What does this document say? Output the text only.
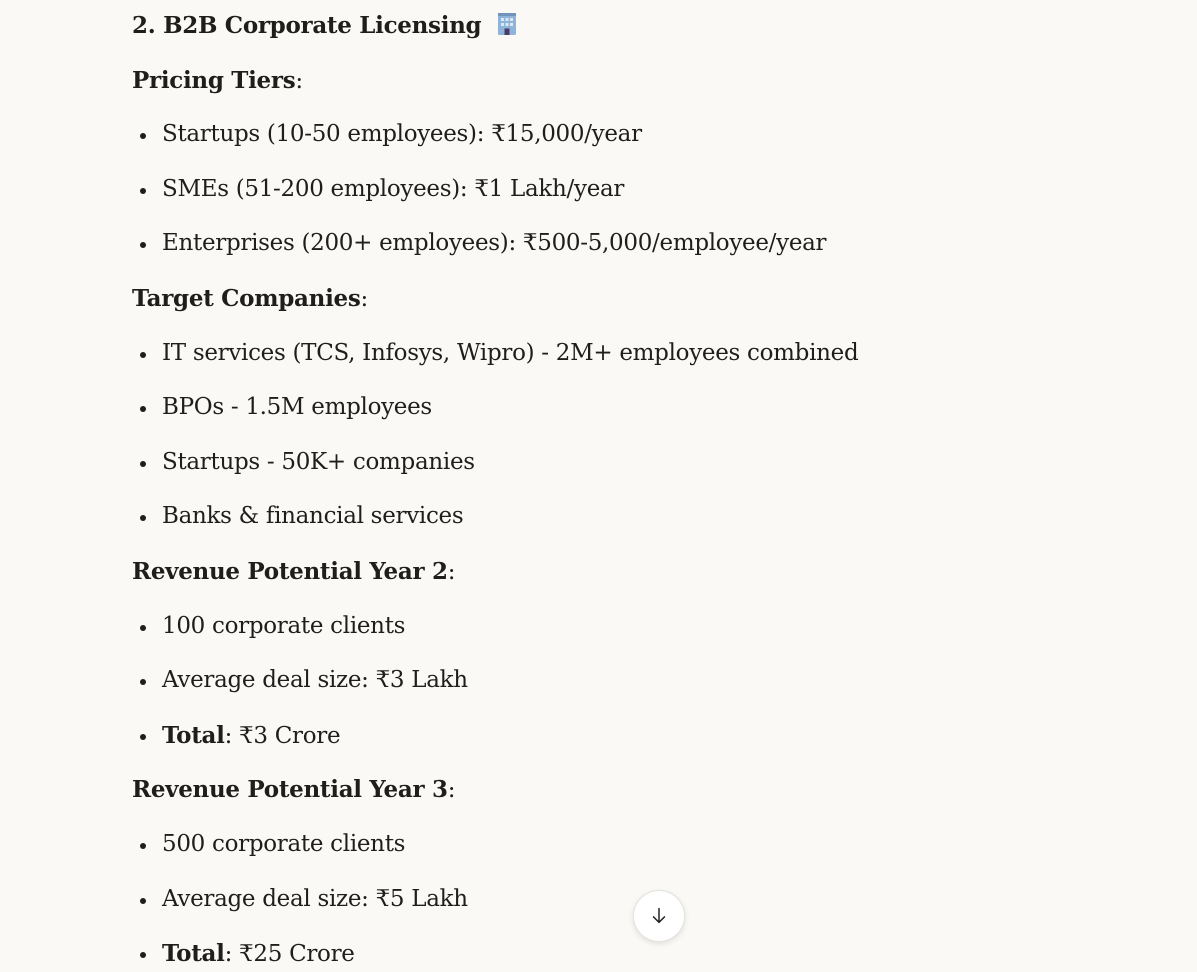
2. B2B Corporate Licensing
Pricing Tiers:
Startups (10-50 employees): ₹15,000/year
SMEs (51-200 employees): ₹1 Lakh/year
Enterprises (200+ employees): ₹500-5,000/employee/year
Target Companies:
IT services (TCS, Infosys, Wipro) - 2M+ employees combined
BPOs - 1.5M employees
Startups - 50K+ companies
Banks & financial services
Revenue Potential Year 2:
100 corporate clients
Average deal size: ₹3 Lakh
Total: ₹3 Crore
Revenue Potential Year 3:
500 corporate clients
Average deal size: ₹5 Lakh
Total: ₹25 Crore
